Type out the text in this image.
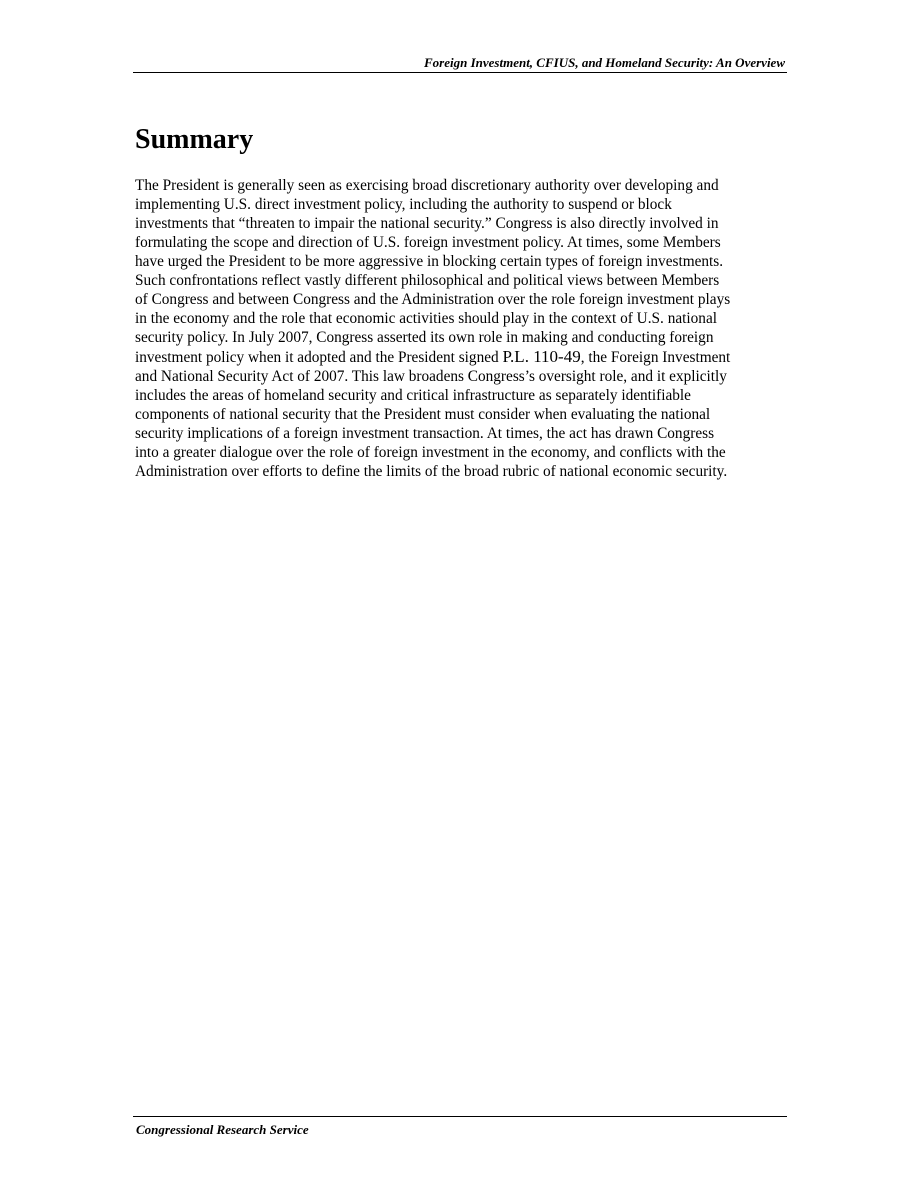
Foreign Investment, CFIUS, and Homeland Security: An Overview
Summary

The President is generally seen as exercising broad discretionary authority over developing and
implementing U.S. direct investment policy, including the authority to suspend or block
investments that “threaten to impair the national security.” Congress is also directly involved in
formulating the scope and direction of U.S. foreign investment policy. At times, some Members
have urged the President to be more aggressive in blocking certain types of foreign investments.
Such confrontations reflect vastly different philosophical and political views between Members
of Congress and between Congress and the Administration over the role foreign investment plays
in the economy and the role that economic activities should play in the context of U.S. national
security policy. In July 2007, Congress asserted its own role in making and conducting foreign
investment policy when it adopted and the President signed P.L. 110-49, the Foreign Investment
and National Security Act of 2007. This law broadens Congress’s oversight role, and it explicitly
includes the areas of homeland security and critical infrastructure as separately identifiable
components of national security that the President must consider when evaluating the national
security implications of a foreign investment transaction. At times, the act has drawn Congress
into a greater dialogue over the role of foreign investment in the economy, and conflicts with the
Administration over efforts to define the limits of the broad rubric of national economic security.

Congressional Research Service
